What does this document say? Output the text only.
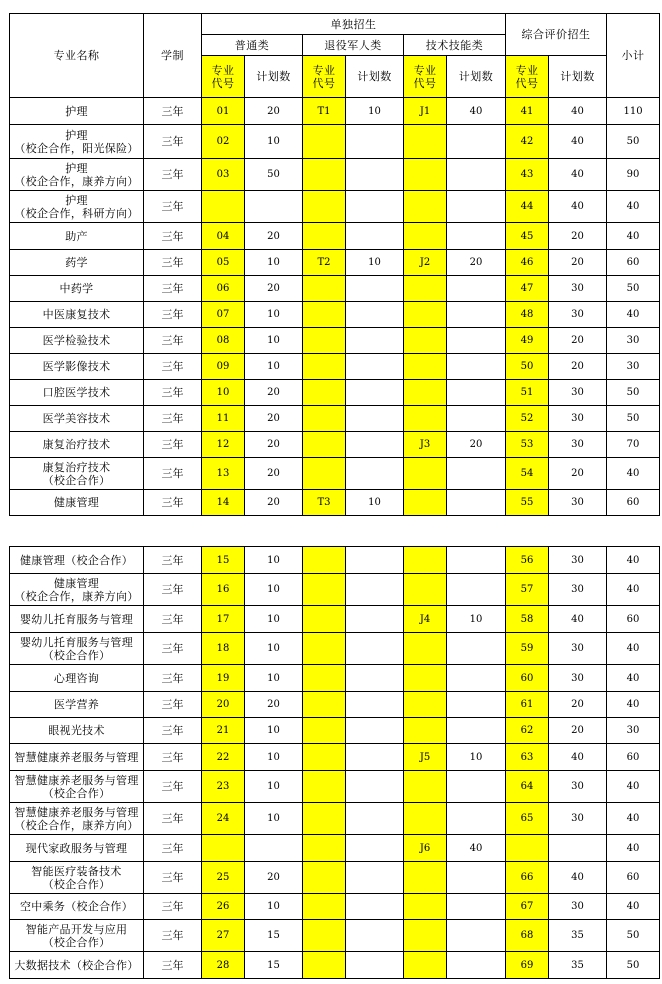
专业名称	学制	单独招生						综合评价招生		小计
		普通类		退役军人类		技术技能类				

		专业代号	计划数	专业代号	计划数	专业代号	计划数	专业代号	计划数	

护理	三年	01	20	T1	10	J1	40	41	40	110

护理
（校企合作，阳光保险）	三年	02	10					42	40	50

护理
（校企合作，康养方向）	三年	03	50					43	40	90

护理
（校企合作，科研方向）	三年							44	40	40

助产	三年	04	20					45	20	40

药学	三年	05	10	T2	10	J2	20	46	20	60

中药学	三年	06	20					47	30	50

中医康复技术	三年	07	10					48	30	40

医学检验技术	三年	08	10					49	20	30

医学影像技术	三年	09	10					50	20	30

口腔医学技术	三年	10	20					51	30	50

医学美容技术	三年	11	20					52	30	50

康复治疗技术	三年	12	20			J3	20	53	30	70

康复治疗技术
（校企合作）	三年	13	20					54	20	40

健康管理	三年	14	20	T3	10			55	30	60
健康管理（校企合作）	三年	15	10					56	30	40

健康管理
（校企合作，康养方向）	三年	16	10					57	30	40

婴幼儿托育服务与管理	三年	17	10			J4	10	58	40	60

婴幼儿托育服务与管理
（校企合作）	三年	18	10					59	30	40

心理咨询	三年	19	10					60	30	40

医学营养	三年	20	20					61	20	40

眼视光技术	三年	21	10					62	20	30

智慧健康养老服务与管理	三年	22	10			J5	10	63	40	60

智慧健康养老服务与管理
（校企合作）	三年	23	10					64	30	40

智慧健康养老服务与管理
（校企合作，康养方向）	三年	24	10					65	30	40

现代家政服务与管理	三年					J6	40			40

智能医疗装备技术
（校企合作）	三年	25	20					66	40	60

空中乘务（校企合作）	三年	26	10					67	30	40

智能产品开发与应用
（校企合作）	三年	27	15					68	35	50

大数据技术（校企合作）	三年	28	15					69	35	50
